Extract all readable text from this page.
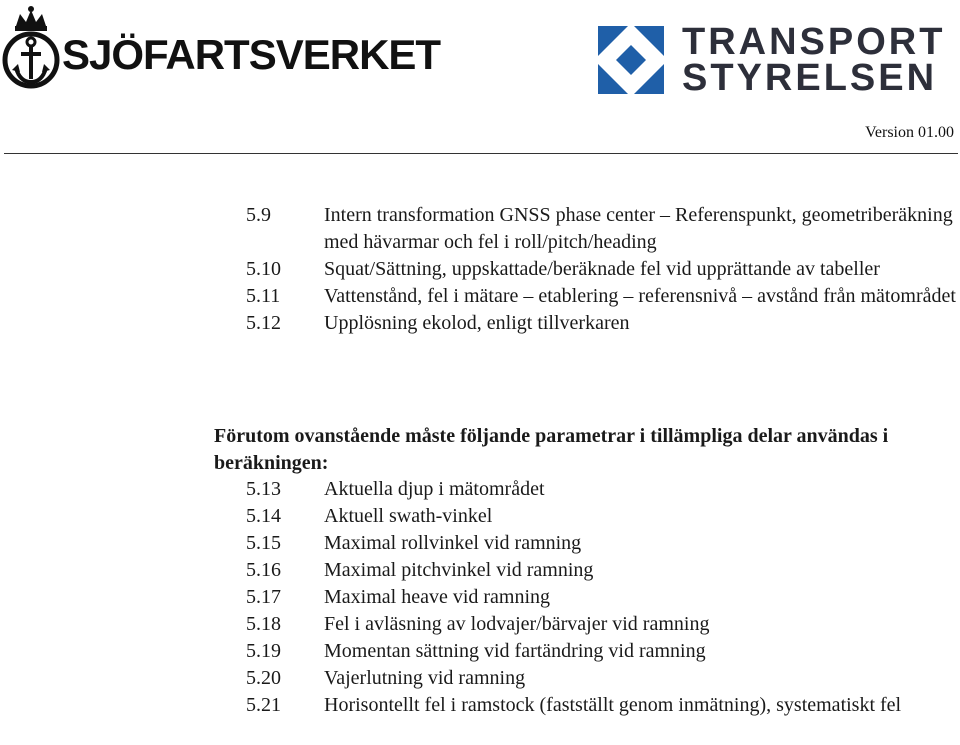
SJÖFARTSVERKET	TRANSPORT
STYRELSEN
Version 01.00
5.9	Intern transformation GNSS phase center – Referenspunkt, geometriberäkning med hävarmar och fel i roll/pitch/heading
5.10	Squat/Sättning, uppskattade/beräknade fel vid upprättande av tabeller
5.11	Vattenstånd, fel i mätare – etablering – referensnivå – avstånd från mätområdet
5.12	Upplösning ekolod, enligt tillverkaren
Förutom ovanstående måste följande parametrar i tillämpliga delar användas i beräkningen:
5.13	Aktuella djup i mätområdet
5.14	Aktuell swath-vinkel
5.15	Maximal rollvinkel vid ramning
5.16	Maximal pitchvinkel vid ramning
5.17	Maximal heave vid ramning
5.18	Fel i avläsning av lodvajer/bärvajer vid ramning
5.19	Momentan sättning vid fartändring vid ramning
5.20	Vajerlutning vid ramning
5.21	Horisontellt fel i ramstock (fastställt genom inmätning), systematiskt fel
